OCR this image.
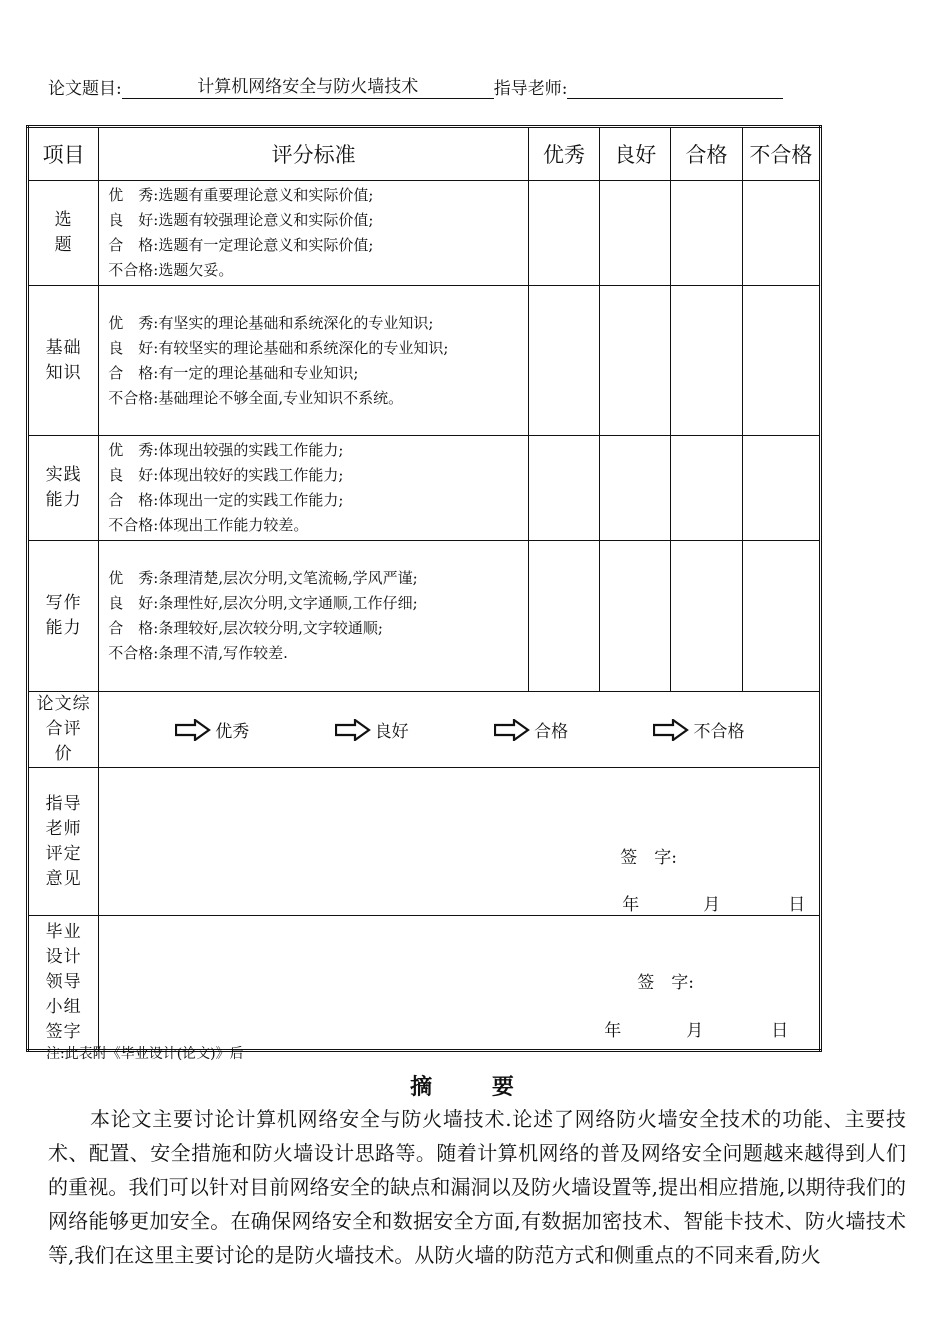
论文题目:	计算机网络安全与防火墙技术	指导老师:
项目	评分标准	优秀	良好	合格	不合格
选
题	优　秀:选题有重要理论意义和实际价值;
良　好:选题有较强理论意义和实际价值;
合　格:选题有一定理论意义和实际价值;
不合格:选题欠妥。				

基础
知识	优　秀:有坚实的理论基础和系统深化的专业知识;
良　好:有较坚实的理论基础和系统深化的专业知识;
合　格:有一定的理论基础和专业知识;
不合格:基础理论不够全面,专业知识不系统。				

实践
能力	优　秀:体现出较强的实践工作能力;
良　好:体现出较好的实践工作能力;
合　格:体现出一定的实践工作能力;
不合格:体现出工作能力较差。				

写作
能力	优　秀:条理清楚,层次分明,文笔流畅,学风严谨;
良　好:条理性好,层次分明,文字通顺,工作仔细;
合　格:条理较好,层次较分明,文字较通顺;
不合格:条理不清,写作较差.				

论文综
合评
价	优秀 良好 合格 不合格				
指导
老师
评定
意见	签　字:
年 月 日				

毕业
设计
领导
小组
签字	签　字:
年 月 日				
注:此表附《毕业设计(论文)》后
摘 要
本论文主要讨论计算机网络安全与防火墙技术.论述了网络防火墙安全技术的功能、主要技术、配置、安全措施和防火墙设计思路等。随着计算机网络的普及网络安全问题越来越得到人们的重视。我们可以针对目前网络安全的缺点和漏洞以及防火墙设置等,提出相应措施,以期待我们的网络能够更加安全。在确保网络安全和数据安全方面,有数据加密技术、智能卡技术、防火墙技术等,我们在这里主要讨论的是防火墙技术。从防火墙的防范方式和侧重点的不同来看,防火
